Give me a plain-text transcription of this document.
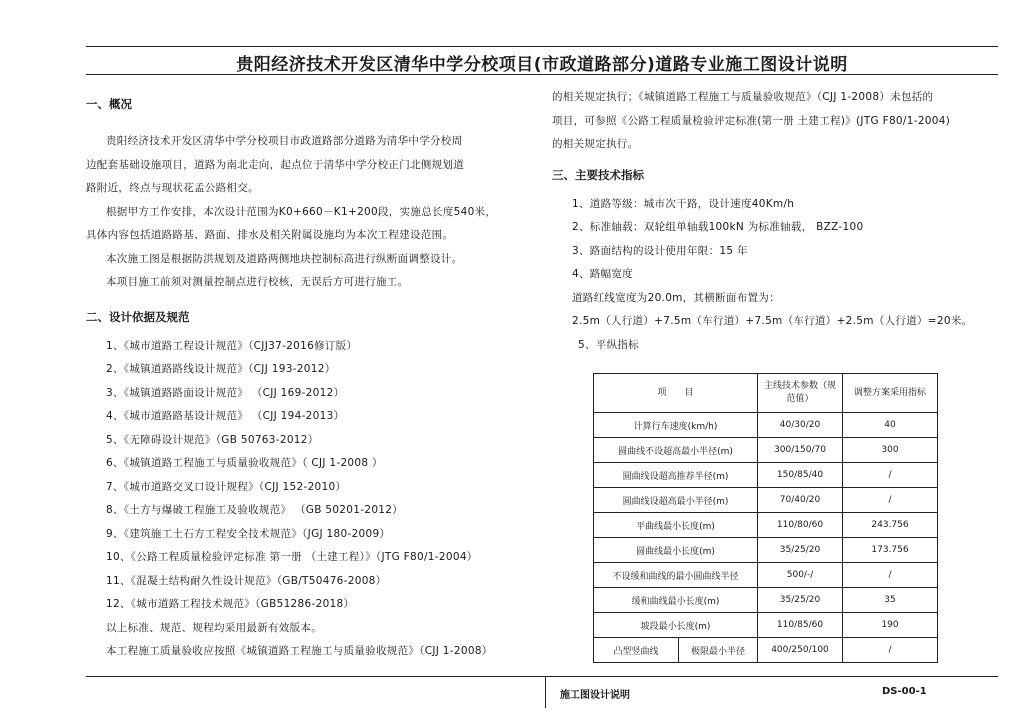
贵阳经济技术开发区清华中学分校项目(市政道路部分)道路专业施工图设计说明
一、概况
贵阳经济技术开发区清华中学分校项目市政道路部分道路为清华中学分校周
边配套基础设施项目，道路为南北走向，起点位于清华中学分校正门北侧规划道
路附近，终点与现状花孟公路相交。
根据甲方工作安排，本次设计范围为K0+660－K1+200段，实施总长度540米，
具体内容包括道路路基、路面、排水及相关附属设施均为本次工程建设范围。
本次施工图是根据防洪规划及道路两侧地块控制标高进行纵断面调整设计。
本项目施工前须对测量控制点进行校核，无误后方可进行施工。
二、设计依据及规范
1、《城市道路工程设计规范》（CJJ37-2016修订版）
2、《城镇道路路线设计规范》（CJJ 193-2012）
3、《城镇道路路面设计规范》 （CJJ 169-2012）
4、《城市道路路基设计规范》 （CJJ 194-2013）
5、《无障碍设计规范》（GB 50763-2012）
6、《城镇道路工程施工与质量验收规范》（ CJJ 1-2008 ）
7、《城市道路交叉口设计规程》（CJJ 152-2010）
8、《土方与爆破工程施工及验收规范》 （GB 50201-2012）
9、《建筑施工土石方工程安全技术规范》（JGJ 180-2009）
10、《公路工程质量检验评定标准 第一册 （土建工程）》（JTG F80/1-2004）
11、《混凝土结构耐久性设计规范》（GB/T50476-2008）
12、《城市道路工程技术规范》（GB51286-2018）
以上标准、规范、规程均采用最新有效版本。
本工程施工质量验收应按照《城镇道路工程施工与质量验收规范》（CJJ 1-2008）
的相关规定执行；《城镇道路工程施工与质量验收规范》（CJJ 1-2008）未包括的
项目，可参照《公路工程质量检验评定标准(第一册 土建工程)》(JTG F80/1-2004)
的相关规定执行。
三、主要技术指标
1、道路等级：城市次干路，设计速度40Km/h
2、标准轴载：双轮组单轴载100kN 为标准轴载， BZZ-100
3、路面结构的设计使用年限：15 年
4、路幅宽度
道路红线宽度为20.0m，其横断面布置为：
2.5m（人行道）+7.5m（车行道）+7.5m（车行道）+2.5m（人行道）=20米。
5、平纵指标
项　　目		主线技术参数（规范值）	调整方案采用指标
计算行车速度(km/h)		40/30/20	40
圆曲线不设超高最小半径(m)		300/150/70	300
圆曲线设超高推荐半径(m)		150/85/40	/
圆曲线设超高最小半径(m)		70/40/20	/
平曲线最小长度(m)		110/80/60	243.756
圆曲线最小长度(m)		35/25/20	173.756
不设缓和曲线的最小圆曲线半径		500/-/	/
缓和曲线最小长度(m)		35/25/20	35
坡段最小长度(m)		110/85/60	190
凸型竖曲线	极限最小半径	400/250/100	/
施工图设计说明	DS-00-1
